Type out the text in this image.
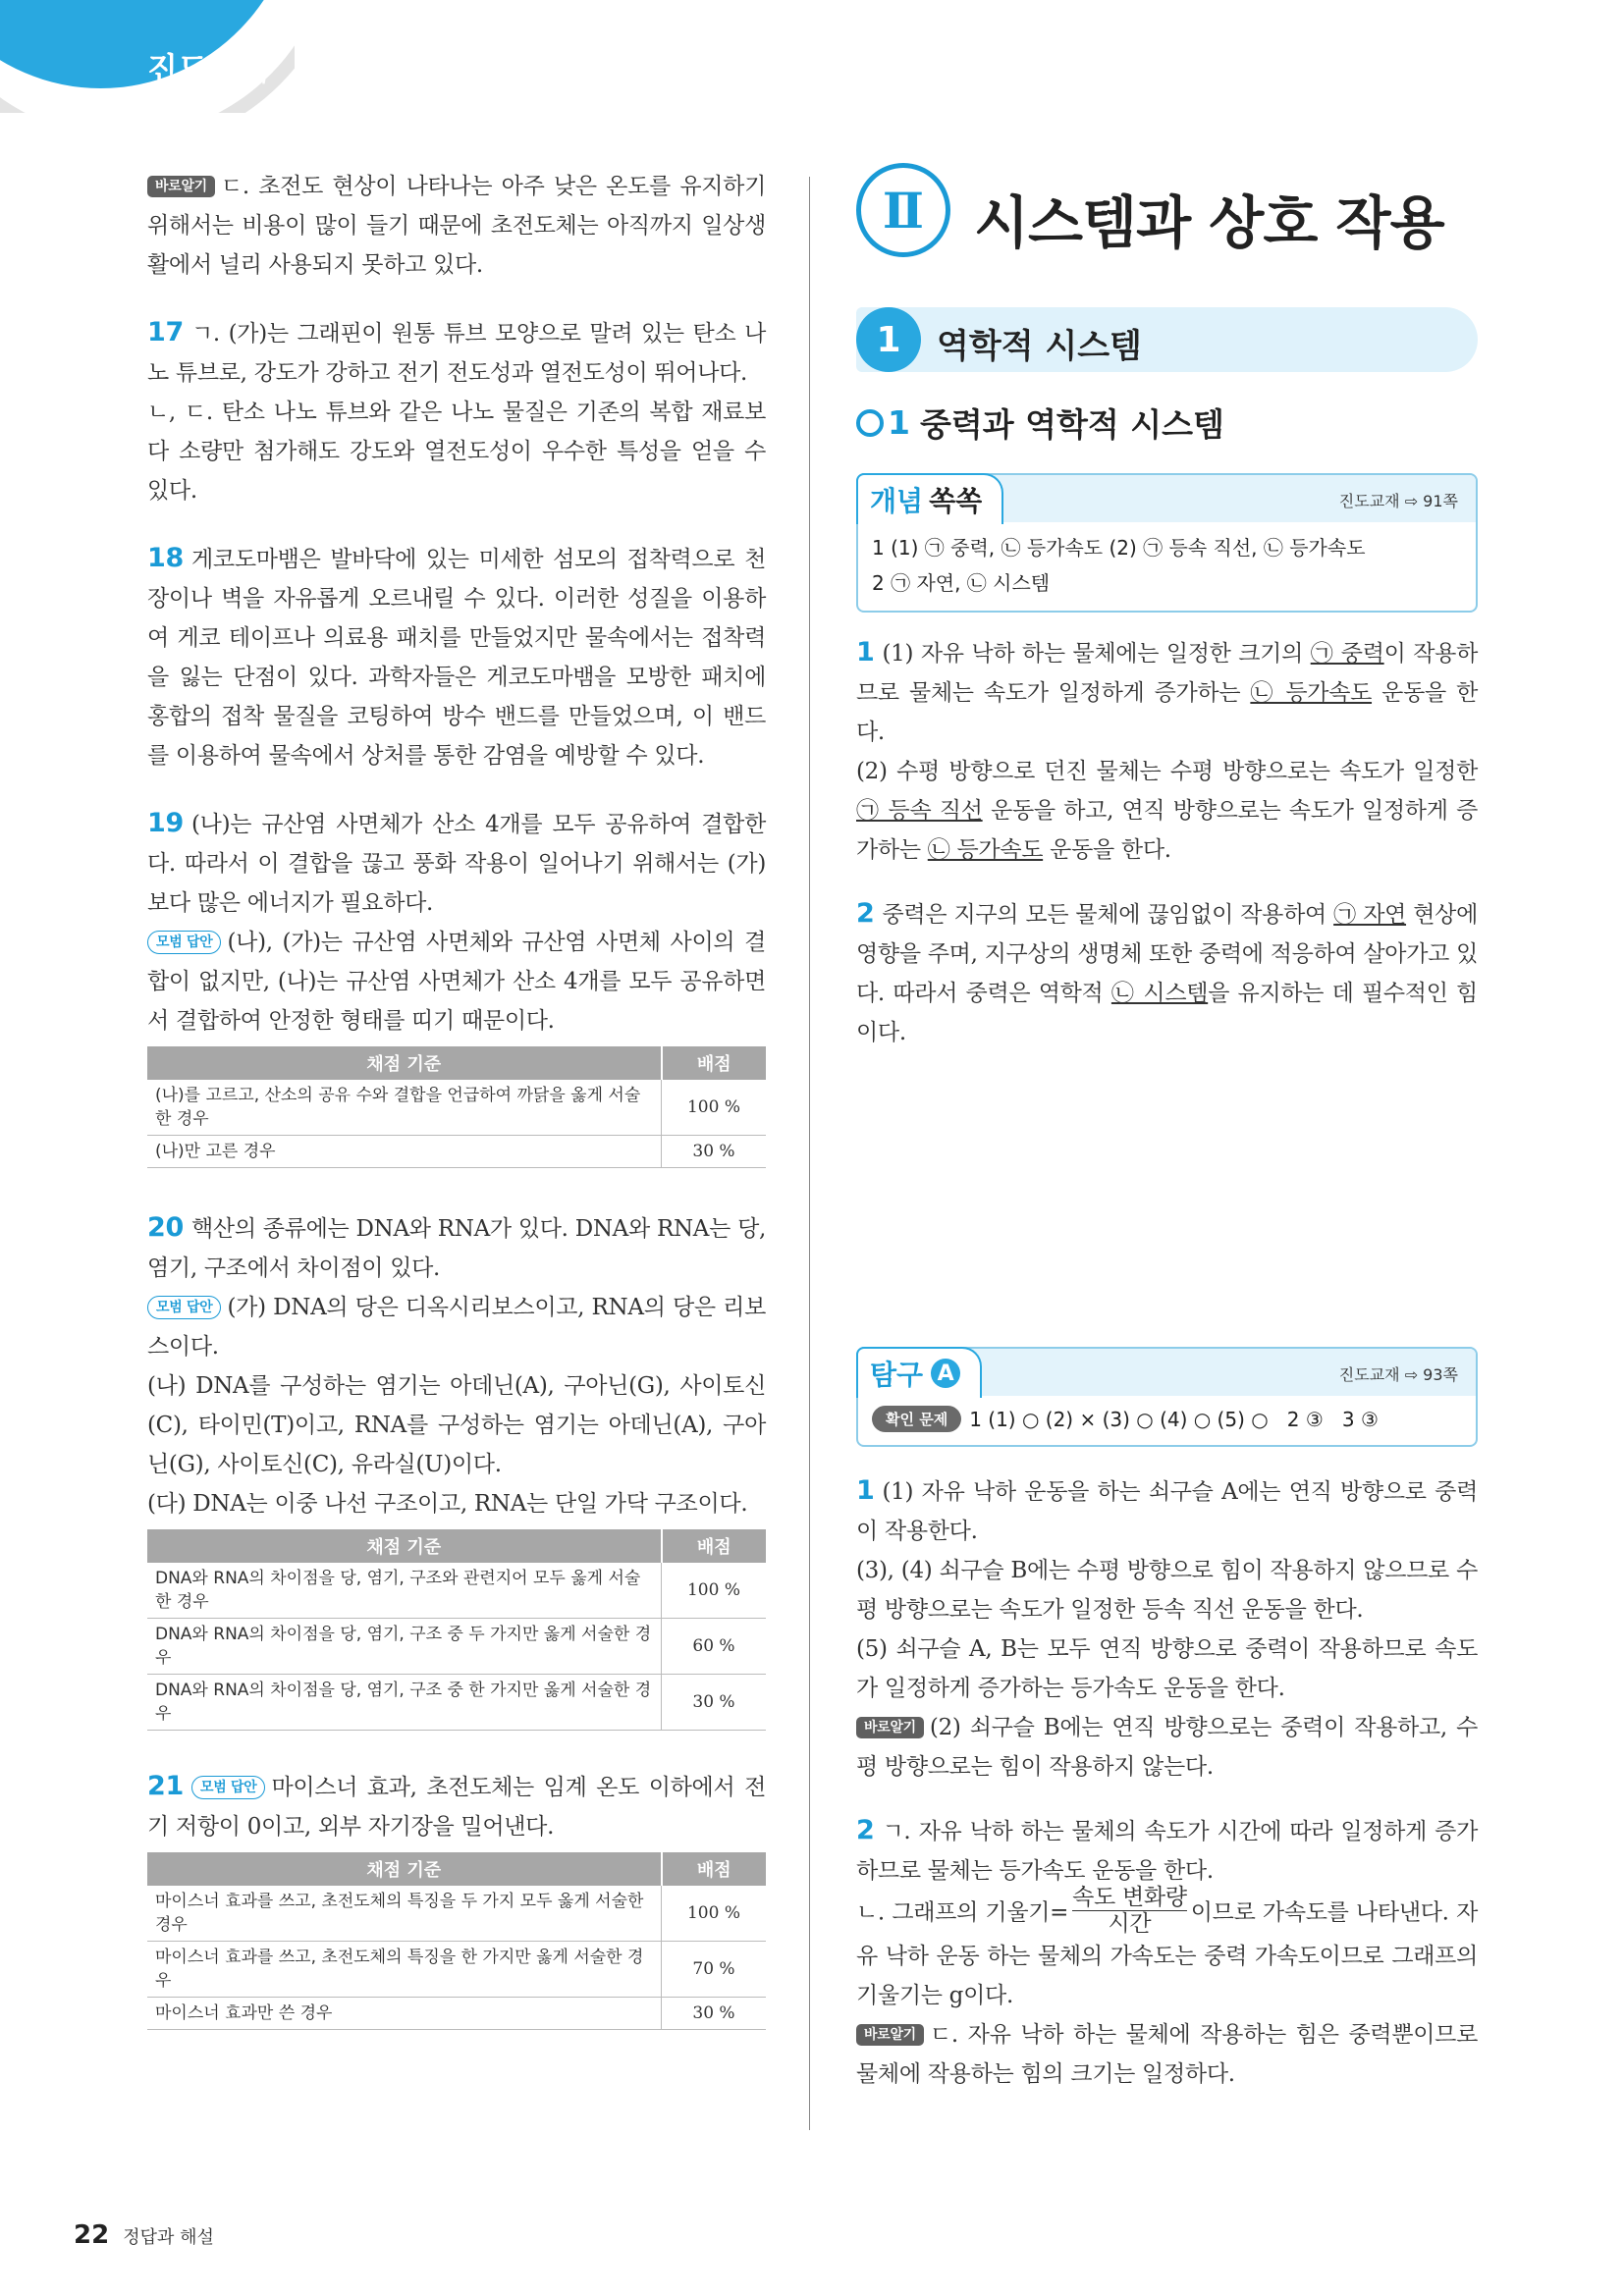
진도교재

바로알기 ㄷ. 초전도 현상이 나타나는 아주 낮은 온도를 유지하기 위해서는 비용이 많이 들기 때문에 초전도체는 아직까지 일상생활에서 널리 사용되지 못하고 있다.

17 ㄱ. (가)는 그래핀이 원통 튜브 모양으로 말려 있는 탄소 나노 튜브로, 강도가 강하고 전기 전도성과 열전도성이 뛰어나다.

ㄴ, ㄷ. 탄소 나노 튜브와 같은 나노 물질은 기존의 복합 재료보다 소량만 첨가해도 강도와 열전도성이 우수한 특성을 얻을 수 있다.

18 게코도마뱀은 발바닥에 있는 미세한 섬모의 접착력으로 천장이나 벽을 자유롭게 오르내릴 수 있다. 이러한 성질을 이용하여 게코 테이프나 의료용 패치를 만들었지만 물속에서는 접착력을 잃는 단점이 있다. 과학자들은 게코도마뱀을 모방한 패치에 홍합의 접착 물질을 코팅하여 방수 밴드를 만들었으며, 이 밴드를 이용하여 물속에서 상처를 통한 감염을 예방할 수 있다.

19 (나)는 규산염 사면체가 산소 4개를 모두 공유하여 결합한다. 따라서 이 결합을 끊고 풍화 작용이 일어나기 위해서는 (가)보다 많은 에너지가 필요하다.

모범 답안 (나), (가)는 규산염 사면체와 규산염 사면체 사이의 결합이 없지만, (나)는 규산염 사면체가 산소 4개를 모두 공유하면서 결합하여 안정한 형태를 띠기 때문이다.

채점 기준	배점
(나)를 고르고, 산소의 공유 수와 결합을 언급하여 까닭을 옳게 서술한 경우	100 %
(나)만 고른 경우	30 %

20 핵산의 종류에는 DNA와 RNA가 있다. DNA와 RNA는 당, 염기, 구조에서 차이점이 있다.

모범 답안 (가) DNA의 당은 디옥시리보스이고, RNA의 당은 리보스이다.

(나) DNA를 구성하는 염기는 아데닌(A), 구아닌(G), 사이토신(C), 타이민(T)이고, RNA를 구성하는 염기는 아데닌(A), 구아닌(G), 사이토신(C), 유라실(U)이다.

(다) DNA는 이중 나선 구조이고, RNA는 단일 가닥 구조이다.

채점 기준	배점
DNA와 RNA의 차이점을 당, 염기, 구조와 관련지어 모두 옳게 서술한 경우	100 %
DNA와 RNA의 차이점을 당, 염기, 구조 중 두 가지만 옳게 서술한 경우	60 %
DNA와 RNA의 차이점을 당, 염기, 구조 중 한 가지만 옳게 서술한 경우	30 %

21 모범 답안 마이스너 효과, 초전도체는 임계 온도 이하에서 전기 저항이 0이고, 외부 자기장을 밀어낸다.

채점 기준	배점
마이스너 효과를 쓰고, 초전도체의 특징을 두 가지 모두 옳게 서술한 경우	100 %
마이스너 효과를 쓰고, 초전도체의 특징을 한 가지만 옳게 서술한 경우	70 %
마이스너 효과만 쓴 경우	30 %
Ⅱ 시스템과 상호 작용
1	역학적 시스템
1 중력과 역학적 시스템
개념 쏙쏙	진도교재 ⇨ 91쪽
1 (1) ㉠ 중력, ㉡ 등가속도 (2) ㉠ 등속 직선, ㉡ 등가속도
2 ㉠ 자연, ㉡ 시스템

1 (1) 자유 낙하 하는 물체에는 일정한 크기의 ㉠ 중력이 작용하므로 물체는 속도가 일정하게 증가하는 ㉡ 등가속도 운동을 한다.

(2) 수평 방향으로 던진 물체는 수평 방향으로는 속도가 일정한 ㉠ 등속 직선 운동을 하고, 연직 방향으로는 속도가 일정하게 증가하는 ㉡ 등가속도 운동을 한다.

2 중력은 지구의 모든 물체에 끊임없이 작용하여 ㉠ 자연 현상에 영향을 주며, 지구상의 생명체 또한 중력에 적응하여 살아가고 있다. 따라서 중력은 역학적 ㉡ 시스템을 유지하는 데 필수적인 힘이다.

탐구 A	진도교재 ⇨ 93쪽
확인 문제 1 (1) ○ (2) × (3) ○ (4) ○ (5) ○   2 ③   3 ③

1 (1) 자유 낙하 운동을 하는 쇠구슬 A에는 연직 방향으로 중력이 작용한다.

(3), (4) 쇠구슬 B에는 수평 방향으로 힘이 작용하지 않으므로 수평 방향으로는 속도가 일정한 등속 직선 운동을 한다.

(5) 쇠구슬 A, B는 모두 연직 방향으로 중력이 작용하므로 속도가 일정하게 증가하는 등가속도 운동을 한다.

바로알기 (2) 쇠구슬 B에는 연직 방향으로는 중력이 작용하고, 수평 방향으로는 힘이 작용하지 않는다.

2 ㄱ. 자유 낙하 하는 물체의 속도가 시간에 따라 일정하게 증가하므로 물체는 등가속도 운동을 한다.

ㄴ. 그래프의 기울기= $\frac{\text{속도 변화량}}{\text{시간}}$ 이므로 가속도를 나타낸다. 자유 낙하 운동 하는 물체의 가속도는 중력 가속도이므로 그래프의 기울기는 g이다.

바로알기 ㄷ. 자유 낙하 하는 물체에 작용하는 힘은 중력뿐이므로 물체에 작용하는 힘의 크기는 일정하다.

22 정답과 해설
